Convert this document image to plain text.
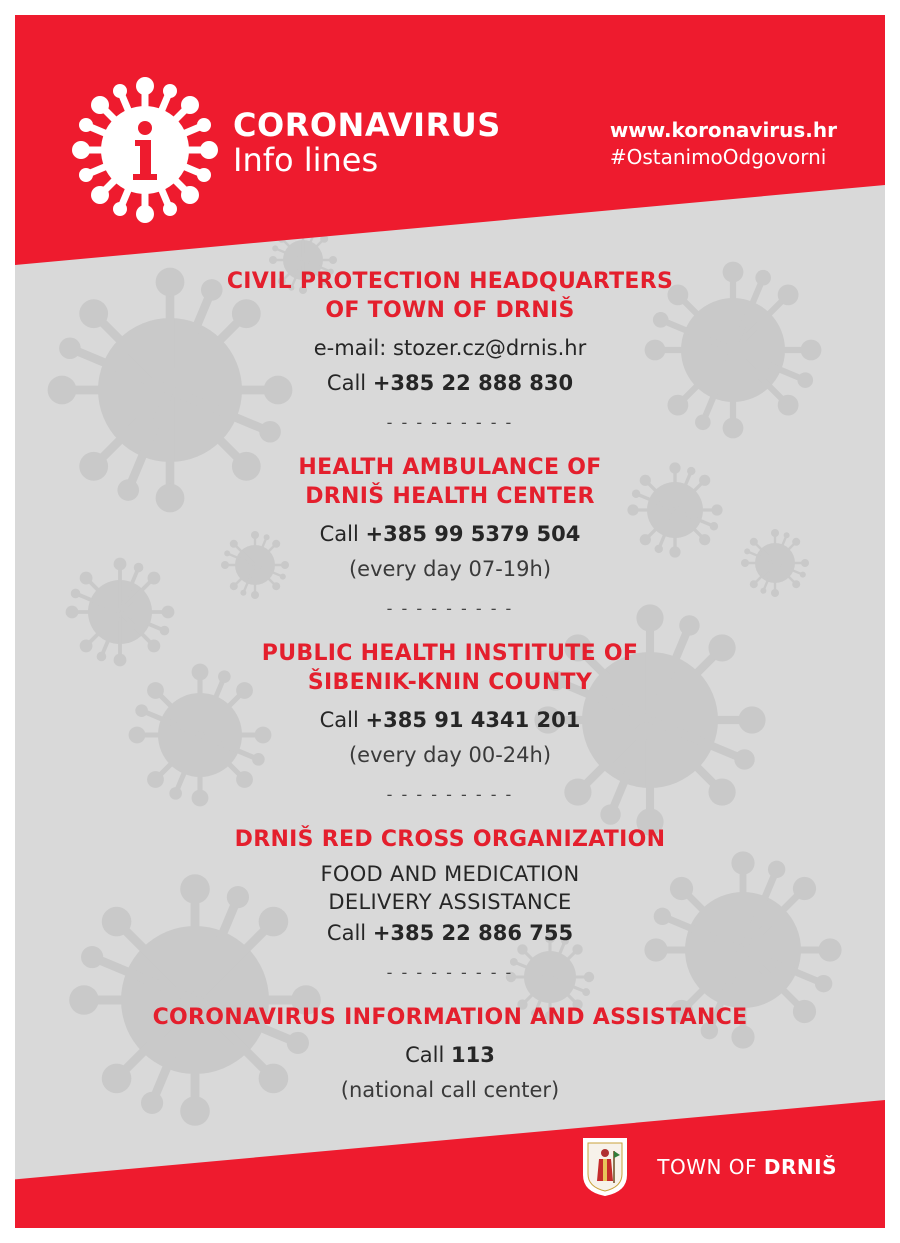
CORONAVIRUS
Info lines
www.koronavirus.hr
#OstanimoOdgovorni
CIVIL PROTECTION HEADQUARTERS
OF TOWN OF DRNIŠ
e-mail: stozer.cz@drnis.hr
Call +385 22 888 830
- - - - - - - - -
HEALTH AMBULANCE OF
DRNIŠ HEALTH CENTER
Call +385 99 5379 504
(every day 07-19h)
- - - - - - - - -
PUBLIC HEALTH INSTITUTE OF
ŠIBENIK-KNIN COUNTY
Call +385 91 4341 201
(every day 00-24h)
- - - - - - - - -
DRNIŠ RED CROSS ORGANIZATION
FOOD AND MEDICATION
DELIVERY ASSISTANCE
Call +385 22 886 755
- - - - - - - - -
CORONAVIRUS INFORMATION AND ASSISTANCE
Call 113
(national call center)
TOWN OF DRNIŠ
